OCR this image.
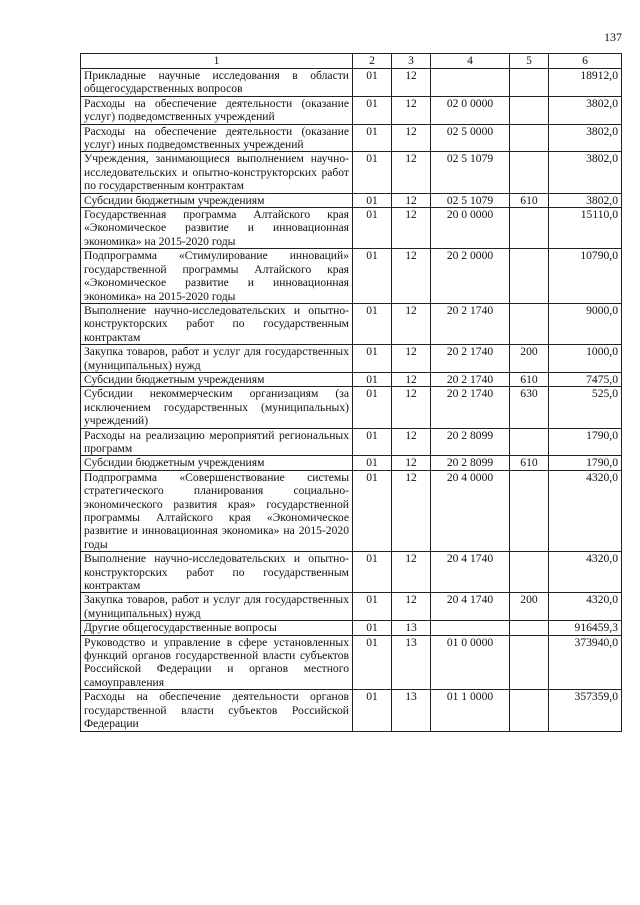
137
1	2	3	4	5	6
Прикладные научные исследования в области общегосударственных вопросов	01	12			18912,0
Расходы на обеспечение деятельности (оказание услуг) подведомственных учреждений	01	12	02 0 0000		3802,0
Расходы на обеспечение деятельности (оказание услуг) иных подведомственных учреждений	01	12	02 5 0000		3802,0
Учреждения, занимающиеся выполнением научно-исследовательских и опытно-конструкторских работ по государственным контрактам	01	12	02 5 1079		3802,0
Субсидии бюджетным учреждениям	01	12	02 5 1079	610	3802,0
Государственная программа Алтайского края «Экономическое развитие и инновационная экономика» на 2015-2020 годы	01	12	20 0 0000		15110,0
Подпрограмма «Стимулирование инноваций» государственной программы Алтайского края «Экономическое развитие и инновационная экономика» на 2015-2020 годы	01	12	20 2 0000		10790,0
Выполнение научно-исследовательских и опытно-конструкторских работ по государственным контрактам	01	12	20 2 1740		9000,0
Закупка товаров, работ и услуг для государственных (муниципальных) нужд	01	12	20 2 1740	200	1000,0
Субсидии бюджетным учреждениям	01	12	20 2 1740	610	7475,0
Субсидии некоммерческим организациям (за исключением государственных (муниципальных) учреждений)	01	12	20 2 1740	630	525,0
Расходы на реализацию мероприятий региональных программ	01	12	20 2 8099		1790,0
Субсидии бюджетным учреждениям	01	12	20 2 8099	610	1790,0
Подпрограмма «Совершенствование системы стратегического планирования социально-экономического развития края» государственной программы Алтайского края «Экономическое развитие и инновационная экономика» на 2015-2020 годы	01	12	20 4 0000		4320,0
Выполнение научно-исследовательских и опытно-конструкторских работ по государственным контрактам	01	12	20 4 1740		4320,0
Закупка товаров, работ и услуг для государственных (муниципальных) нужд	01	12	20 4 1740	200	4320,0
Другие общегосударственные вопросы	01	13			916459,3
Руководство и управление в сфере установленных функций органов государственной власти субъектов Российской Федерации и органов местного самоуправления	01	13	01 0 0000		373940,0
Расходы на обеспечение деятельности органов государственной власти субъектов Российской Федерации	01	13	01 1 0000		357359,0
